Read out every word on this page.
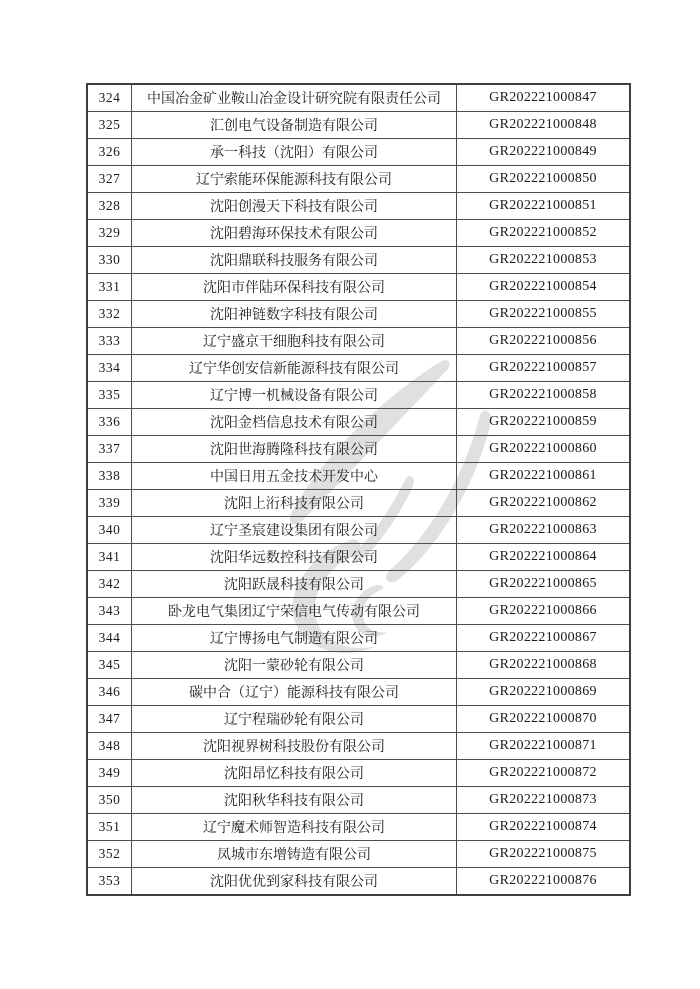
324	中国冶金矿业鞍山冶金设计研究院有限责任公司	GR202221000847
325	汇创电气设备制造有限公司	GR202221000848
326	承一科技（沈阳）有限公司	GR202221000849
327	辽宁索能环保能源科技有限公司	GR202221000850
328	沈阳创漫天下科技有限公司	GR202221000851
329	沈阳碧海环保技术有限公司	GR202221000852
330	沈阳鼎联科技服务有限公司	GR202221000853
331	沈阳市伴陆环保科技有限公司	GR202221000854
332	沈阳神链数字科技有限公司	GR202221000855
333	辽宁盛京干细胞科技有限公司	GR202221000856
334	辽宁华创安信新能源科技有限公司	GR202221000857
335	辽宁博一机械设备有限公司	GR202221000858
336	沈阳金档信息技术有限公司	GR202221000859
337	沈阳世海腾隆科技有限公司	GR202221000860
338	中国日用五金技术开发中心	GR202221000861
339	沈阳上洐科技有限公司	GR202221000862
340	辽宁圣宸建设集团有限公司	GR202221000863
341	沈阳华远数控科技有限公司	GR202221000864
342	沈阳跃晟科技有限公司	GR202221000865
343	卧龙电气集团辽宁荣信电气传动有限公司	GR202221000866
344	辽宁博扬电气制造有限公司	GR202221000867
345	沈阳一蒙砂轮有限公司	GR202221000868
346	碳中合（辽宁）能源科技有限公司	GR202221000869
347	辽宁程瑞砂轮有限公司	GR202221000870
348	沈阳视界树科技股份有限公司	GR202221000871
349	沈阳昂忆科技有限公司	GR202221000872
350	沈阳秋华科技有限公司	GR202221000873
351	辽宁魔术师智造科技有限公司	GR202221000874
352	凤城市东增铸造有限公司	GR202221000875
353	沈阳优优到家科技有限公司	GR202221000876
